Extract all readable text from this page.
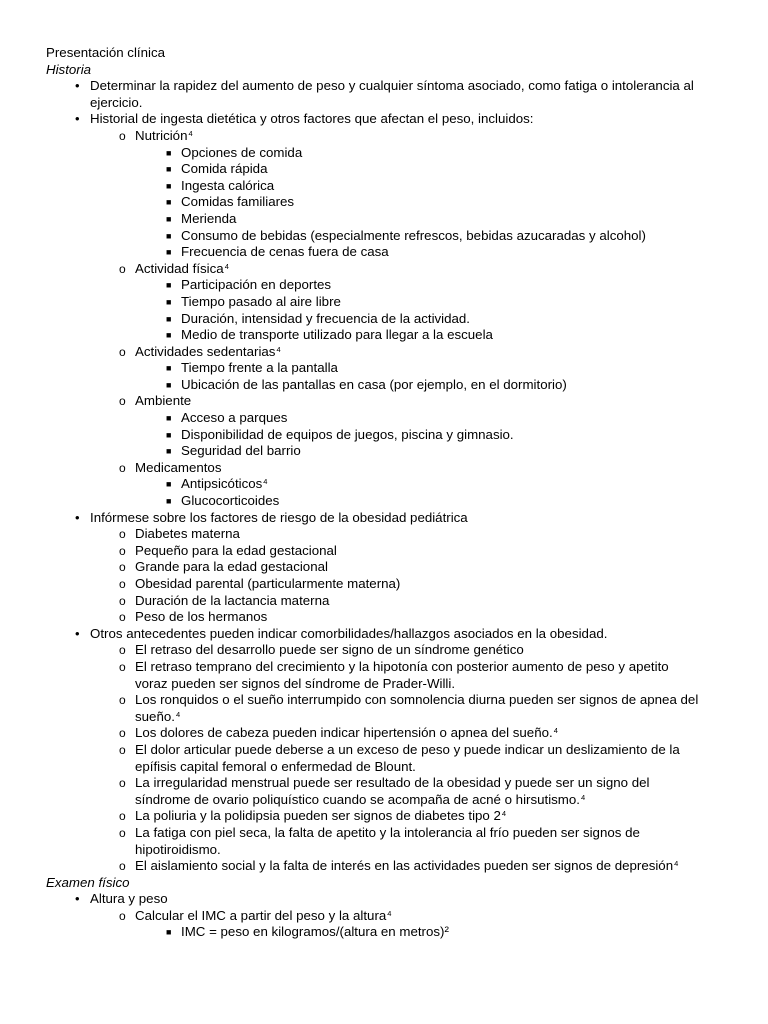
Presentación clínica
Historia
• Determinar la rapidez del aumento de peso y cualquier síntoma asociado, como fatiga o intolerancia al
ejercicio.
• Historial de ingesta dietética y otros factores que afectan el peso, incluidos:
o Nutrición$^4$
■ Opciones de comida
■ Comida rápida
■ Ingesta calórica
■ Comidas familiares
■ Merienda
■ Consumo de bebidas (especialmente refrescos, bebidas azucaradas y alcohol)
■ Frecuencia de cenas fuera de casa
o Actividad física$^4$
■ Participación en deportes
■ Tiempo pasado al aire libre
■ Duración, intensidad y frecuencia de la actividad.
■ Medio de transporte utilizado para llegar a la escuela
o Actividades sedentarias$^4$
■ Tiempo frente a la pantalla
■ Ubicación de las pantallas en casa (por ejemplo, en el dormitorio)
o Ambiente
■ Acceso a parques
■ Disponibilidad de equipos de juegos, piscina y gimnasio.
■ Seguridad del barrio
o Medicamentos
■ Antipsicóticos$^4$
■ Glucocorticoides
• Infórmese sobre los factores de riesgo de la obesidad pediátrica
o Diabetes materna
o Pequeño para la edad gestacional
o Grande para la edad gestacional
o Obesidad parental (particularmente materna)
o Duración de la lactancia materna
o Peso de los hermanos
• Otros antecedentes pueden indicar comorbilidades/hallazgos asociados en la obesidad.
o El retraso del desarrollo puede ser signo de un síndrome genético
o El retraso temprano del crecimiento y la hipotonía con posterior aumento de peso y apetito
voraz pueden ser signos del síndrome de Prader-Willi.
o Los ronquidos o el sueño interrumpido con somnolencia diurna pueden ser signos de apnea del
sueño.$^4$
o Los dolores de cabeza pueden indicar hipertensión o apnea del sueño.$^4$
o El dolor articular puede deberse a un exceso de peso y puede indicar un deslizamiento de la
epífisis capital femoral o enfermedad de Blount.
o La irregularidad menstrual puede ser resultado de la obesidad y puede ser un signo del
síndrome de ovario poliquístico cuando se acompaña de acné o hirsutismo.$^4$
o La poliuria y la polidipsia pueden ser signos de diabetes tipo $2^4$
o La fatiga con piel seca, la falta de apetito y la intolerancia al frío pueden ser signos de
hipotiroidismo.
o El aislamiento social y la falta de interés en las actividades pueden ser signos de depresión$^4$
Examen físico
• Altura y peso
o Calcular el IMC a partir del peso y la altura$^4$
■ IMC = peso en kilogramos/(altura en metros)²
